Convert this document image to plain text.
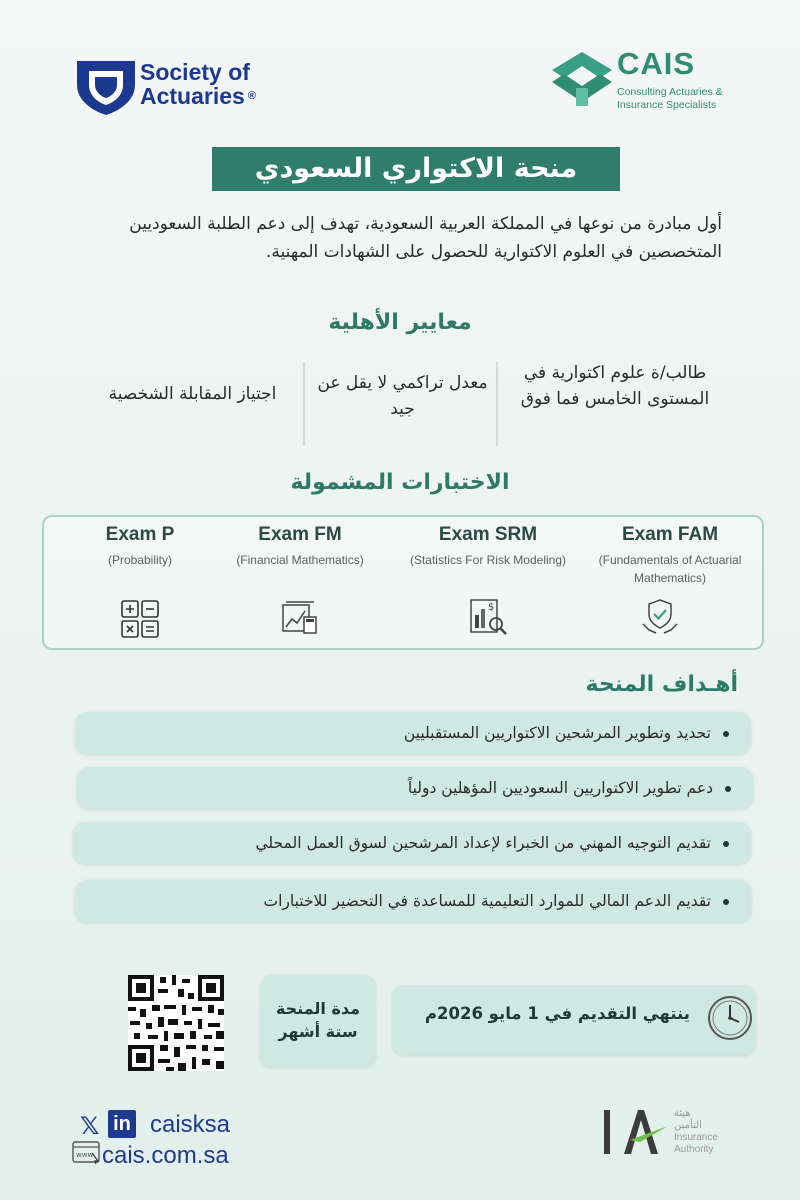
Society of
Actuaries ®
CAIS
Consulting Actuaries &
Insurance Specialists
منحة الاكتواري السعودي
أول مبادرة من نوعها في المملكة العربية السعودية، تهدف إلى دعم الطلبة السعوديين المتخصصين في العلوم الاكتوارية للحصول على الشهادات المهنية.
معايير الأهلية
طالب/ة علوم اكتوارية في المستوى الخامس فما فوق
معدل تراكمي لا يقل عن جيد
اجتياز المقابلة الشخصية
الاختبارات المشمولة
Exam FAM
(Fundamentals of Actuarial Mathematics)
Exam SRM
(Statistics For Risk Modeling)
Exam FM
(Financial Mathematics)
Exam P
(Probability)
$
أهـداف المنحة
تحديد وتطوير المرشحين الاكتواريين المستقبليين
دعم تطوير الاكتواريين السعوديين المؤهلين دولياً
تقديم التوجيه المهني من الخبراء لإعداد المرشحين لسوق العمل المحلي
تقديم الدعم المالي للموارد التعليمية للمساعدة في التحضير للاختبارات
ينتهي التقديم في 1 مايو 2026م
مدة المنحة
ستة أشهر
𝕏 in caisksa
www cais.com.sa
هيئة
التأمين
Insurance
Authority
